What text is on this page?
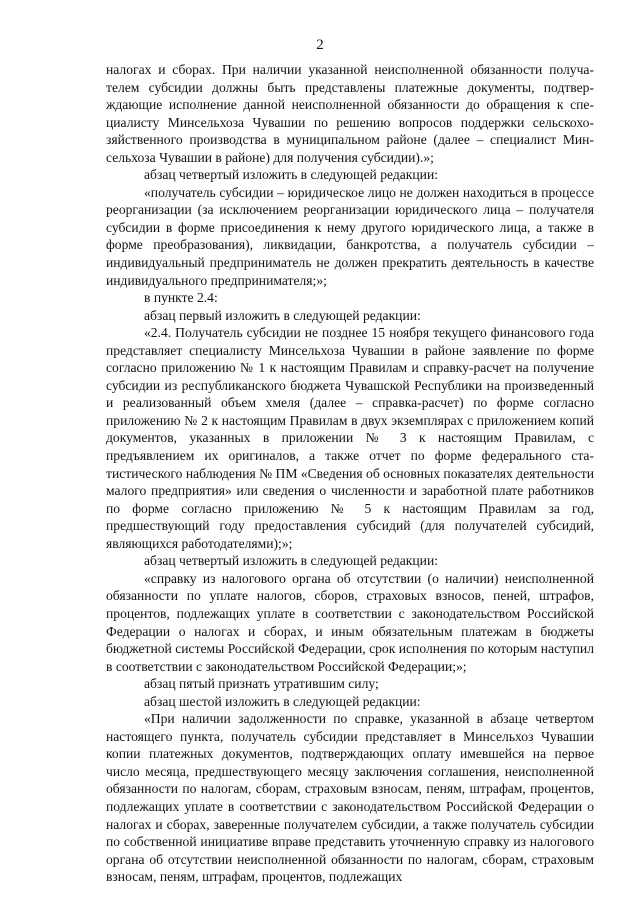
2

налогах и сборах. При наличии указанной неисполненной обязанности получателем субсидии должны быть представлены платежные документы, подтверждающие исполнение данной неисполненной обязанности до обращения к специалисту Минсельхоза Чувашии по решению вопросов поддержки сельскохозяйственного производства в муниципальном районе (далее – специалист Минсельхоза Чувашии в районе) для получения субсидии).»;

абзац четвертый изложить в следующей редакции:

«получатель субсидии – юридическое лицо не должен находиться в процессе реорганизации (за исключением реорганизации юридического лица – получателя субсидии в форме присоединения к нему другого юридического лица, а также в форме преобразования), ликвидации, банкротства, а получатель субсидии – индивидуальный предприниматель не должен прекратить деятельность в качестве индивидуального предпринимателя;»;

в пункте 2.4:

абзац первый изложить в следующей редакции:

«2.4. Получатель субсидии не позднее 15 ноября текущего финансового года представляет специалисту Минсельхоза Чувашии в районе заявление по форме согласно приложению № 1 к настоящим Правилам и справку-расчет на получение субсидии из республиканского бюджета Чувашской Республики на произведенный и реализованный объем хмеля (далее – справка-расчет) по форме согласно приложению № 2 к настоящим Правилам в двух экземплярах с приложением копий документов, указанных в приложении № 3 к настоящим Правилам, с предъявлением их оригиналов, а также отчет по форме федерального статистического наблюдения № ПМ «Сведения об основных показателях деятельности малого предприятия» или сведения о численности и заработной плате работников по форме согласно приложению № 5 к настоящим Правилам за год, предшествующий году предоставления субсидий (для получателей субсидий, являющихся работодателями);»;

абзац четвертый изложить в следующей редакции:

«справку из налогового органа об отсутствии (о наличии) неисполненной обязанности по уплате налогов, сборов, страховых взносов, пеней, штрафов, процентов, подлежащих уплате в соответствии с законодательством Российской Федерации о налогах и сборах, и иным обязательным платежам в бюджеты бюджетной системы Российской Федерации, срок исполнения по которым наступил в соответствии с законодательством Российской Федерации;»;

абзац пятый признать утратившим силу;

абзац шестой изложить в следующей редакции:

«При наличии задолженности по справке, указанной в абзаце четвертом настоящего пункта, получатель субсидии представляет в Минсельхоз Чувашии копии платежных документов, подтверждающих оплату имевшейся на первое число месяца, предшествующего месяцу заключения соглашения, неисполненной обязанности по налогам, сборам, страховым взносам, пеням, штрафам, процентов, подлежащих уплате в соответствии с законодательством Российской Федерации о налогах и сборах, заверенные получателем субсидии, а также получатель субсидии по собственной инициативе вправе представить уточненную справку из налогового органа об отсутствии неисполненной обязанности по налогам, сборам, страховым взносам, пеням, штрафам, процентов, подлежащих
